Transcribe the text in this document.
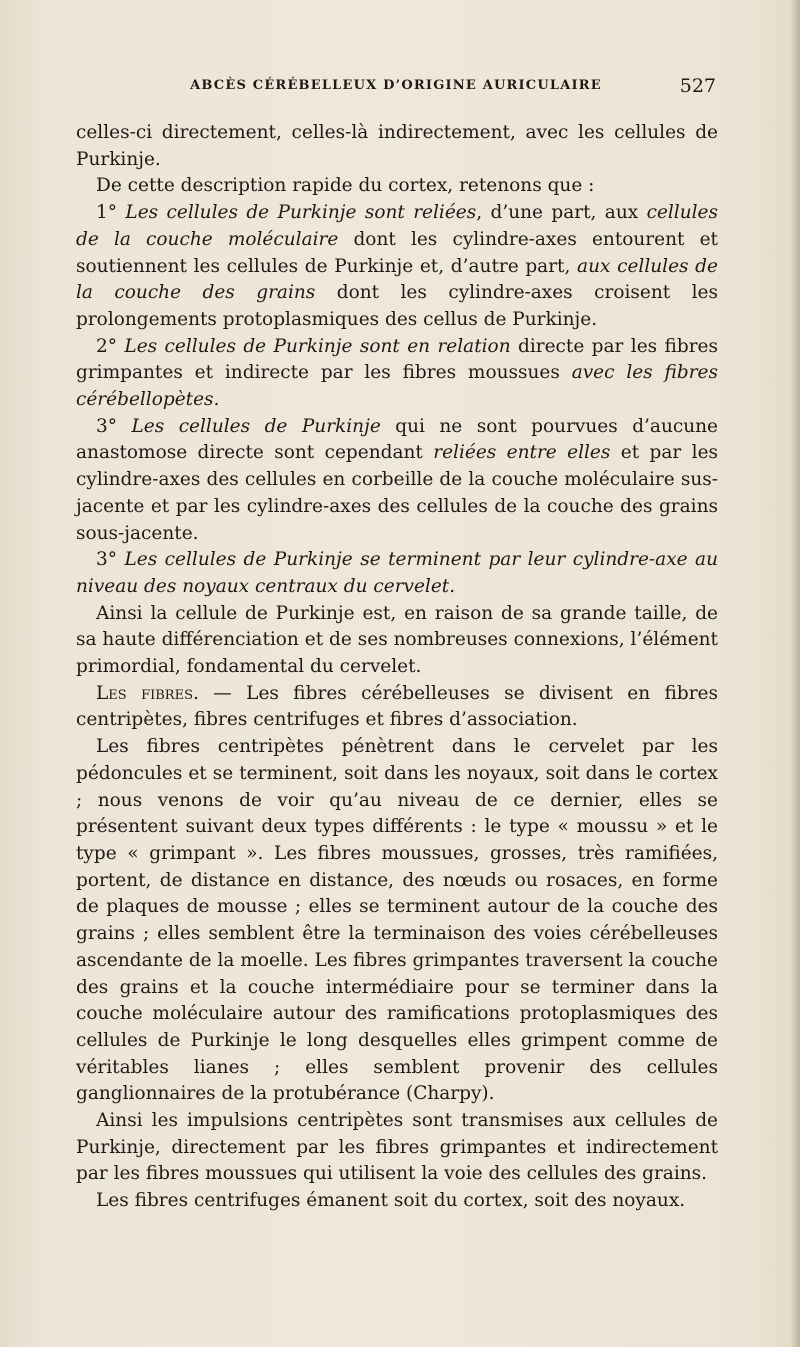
ABCÈS CÉRÉBELLEUX D’ORIGINE AURICULAIRE	527

celles-ci directement, celles-là indirectement, avec les cellules de Purkinje.

De cette description rapide du cortex, retenons que :

1° Les cellules de Purkinje sont reliées, d’une part, aux cellules de la couche moléculaire dont les cylindre-axes entourent et soutiennent les cellules de Purkinje et, d’autre part, aux cellules de la couche des grains dont les cylindre-axes croisent les prolongements protoplasmiques des cellus de Purkinje.

2° Les cellules de Purkinje sont en relation directe par les fibres grimpantes et indirecte par les fibres moussues avec les fibres cérébellopètes.

3° Les cellules de Purkinje qui ne sont pourvues d’aucune anastomose directe sont cependant reliées entre elles et par les cylindre-axes des cellules en corbeille de la couche moléculaire sus-jacente et par les cylindre-axes des cellules de la couche des grains sous-jacente.

3° Les cellules de Purkinje se terminent par leur cylindre-axe au niveau des noyaux centraux du cervelet.

Ainsi la cellule de Purkinje est, en raison de sa grande taille, de sa haute différenciation et de ses nombreuses connexions, l’élément primordial, fondamental du cervelet.

Les fibres. — Les fibres cérébelleuses se divisent en fibres centripètes, fibres centrifuges et fibres d’association.

Les fibres centripètes pénètrent dans le cervelet par les pédoncules et se terminent, soit dans les noyaux, soit dans le cortex ; nous venons de voir qu’au niveau de ce dernier, elles se présentent suivant deux types différents : le type « moussu » et le type « grimpant ». Les fibres moussues, grosses, très ramifiées, portent, de distance en distance, des nœuds ou rosaces, en forme de plaques de mousse ; elles se terminent autour de la couche des grains ; elles semblent être la terminaison des voies cérébelleuses ascendante de la moelle. Les fibres grimpantes traversent la couche des grains et la couche intermédiaire pour se terminer dans la couche moléculaire autour des ramifications protoplasmiques des cellules de Purkinje le long desquelles elles grimpent comme de véritables lianes ; elles semblent provenir des cellules ganglionnaires de la protubérance (Charpy).

Ainsi les impulsions centripètes sont transmises aux cellules de Purkinje, directement par les fibres grimpantes et indirectement par les fibres moussues qui utilisent la voie des cellules des grains.

Les fibres centrifuges émanent soit du cortex, soit des noyaux.
